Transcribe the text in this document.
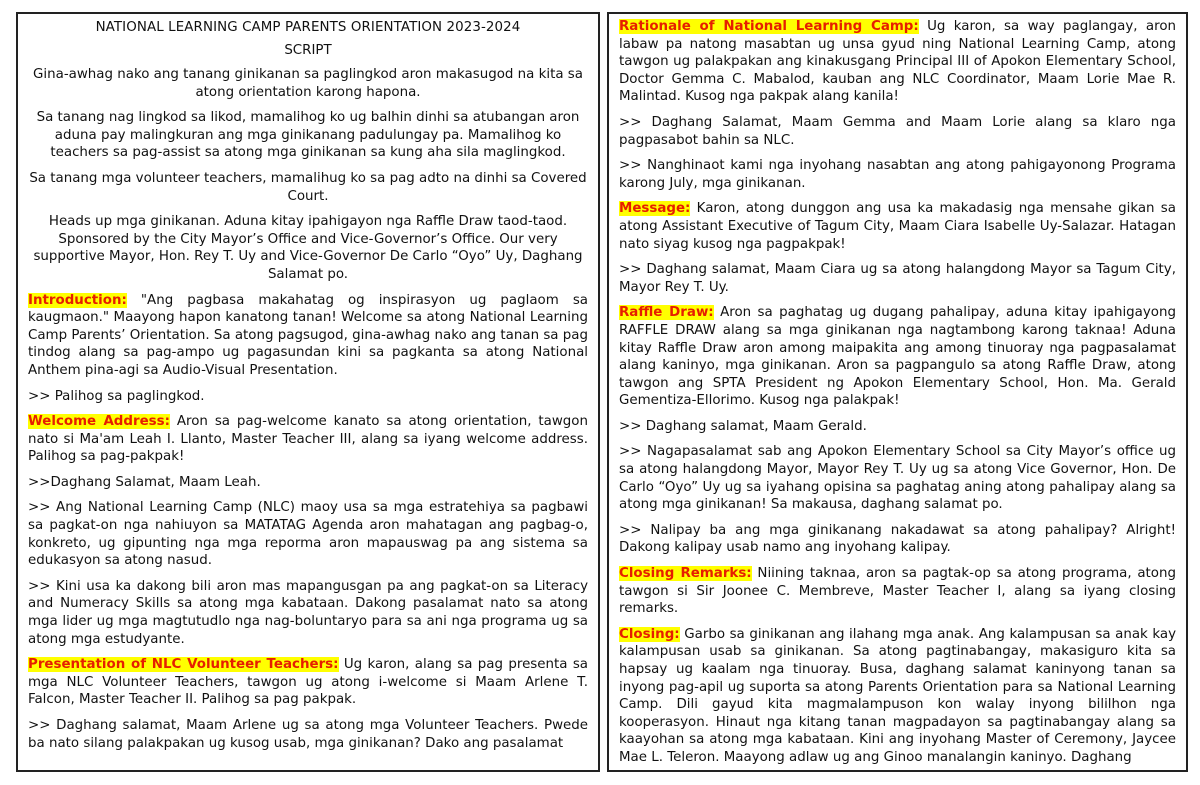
NATIONAL LEARNING CAMP PARENTS ORIENTATION 2023-2024
SCRIPT

Gina-awhag nako ang tanang ginikanan sa paglingkod aron makasugod na kita sa atong orientation karong hapona.

Sa tanang nag lingkod sa likod, mamalihog ko ug balhin dinhi sa atubangan aron aduna pay malingkuran ang mga ginikanang padulungay pa. Mamalihog ko teachers sa pag-assist sa atong mga ginikanan sa kung aha sila maglingkod.

Sa tanang mga volunteer teachers, mamalihug ko sa pag adto na dinhi sa Covered Court.

Heads up mga ginikanan. Aduna kitay ipahigayon nga Raffle Draw taod-taod. Sponsored by the City Mayor’s Office and Vice-Governor’s Office. Our very supportive Mayor, Hon. Rey T. Uy and Vice-Governor De Carlo “Oyo” Uy, Daghang Salamat po.

Introduction: "Ang pagbasa makahatag og inspirasyon ug paglaom sa kaugmaon." Maayong hapon kanatong tanan! Welcome sa atong National Learning Camp Parents’ Orientation. Sa atong pagsugod, gina-awhag nako ang tanan sa pag tindog alang sa pag-ampo ug pagasundan kini sa pagkanta sa atong National Anthem pina-agi sa Audio-Visual Presentation.

>> Palihog sa paglingkod.

Welcome Address: Aron sa pag-welcome kanato sa atong orientation, tawgon nato si Ma'am Leah I. Llanto, Master Teacher III, alang sa iyang welcome address. Palihog sa pag-pakpak!

>>Daghang Salamat, Maam Leah.

>> Ang National Learning Camp (NLC) maoy usa sa mga estratehiya sa pagbawi sa pagkat-on nga nahiuyon sa MATATAG Agenda aron mahatagan ang pagbag-o, konkreto, ug gipunting nga mga reporma aron mapauswag pa ang sistema sa edukasyon sa atong nasud.

>> Kini usa ka dakong bili aron mas mapangusgan pa ang pagkat-on sa Literacy and Numeracy Skills sa atong mga kabataan. Dakong pasalamat nato sa atong mga lider ug mga magtutudlo nga nag-boluntaryo para sa ani nga programa ug sa atong mga estudyante.

Presentation of NLC Volunteer Teachers: Ug karon, alang sa pag presenta sa mga NLC Volunteer Teachers, tawgon ug atong i-welcome si Maam Arlene T. Falcon, Master Teacher II. Palihog sa pag pakpak.

>> Daghang salamat, Maam Arlene ug sa atong mga Volunteer Teachers. Pwede ba nato silang palakpakan ug kusog usab, mga ginikanan? Dako ang pasalamat

Rationale of National Learning Camp: Ug karon, sa way paglangay, aron labaw pa natong masabtan ug unsa gyud ning National Learning Camp, atong tawgon ug palakpakan ang kinakusgang Principal III of Apokon Elementary School, Doctor Gemma C. Mabalod, kauban ang NLC Coordinator, Maam Lorie Mae R. Malintad. Kusog nga pakpak alang kanila!

>> Daghang Salamat, Maam Gemma and Maam Lorie alang sa klaro nga pagpasabot bahin sa NLC.

>> Nanghinaot kami nga inyohang nasabtan ang atong pahigayonong Programa karong July, mga ginikanan.

Message: Karon, atong dunggon ang usa ka makadasig nga mensahe gikan sa atong Assistant Executive of Tagum City, Maam Ciara Isabelle Uy-Salazar. Hatagan nato siyag kusog nga pagpakpak!

>> Daghang salamat, Maam Ciara ug sa atong halangdong Mayor sa Tagum City, Mayor Rey T. Uy.

Raffle Draw: Aron sa paghatag ug dugang pahalipay, aduna kitay ipahigayong RAFFLE DRAW alang sa mga ginikanan nga nagtambong karong taknaa! Aduna kitay Raffle Draw aron among maipakita ang among tinuoray nga pagpasalamat alang kaninyo, mga ginikanan. Aron sa pagpangulo sa atong Raffle Draw, atong tawgon ang SPTA President ng Apokon Elementary School, Hon. Ma. Gerald Gementiza-Ellorimo. Kusog nga palakpak!

>> Daghang salamat, Maam Gerald.

>> Nagapasalamat sab ang Apokon Elementary School sa City Mayor’s office ug sa atong halangdong Mayor, Mayor Rey T. Uy ug sa atong Vice Governor, Hon. De Carlo “Oyo” Uy ug sa iyahang opisina sa paghatag aning atong pahalipay alang sa atong mga ginikanan! Sa makausa, daghang salamat po.

>> Nalipay ba ang mga ginikanang nakadawat sa atong pahalipay? Alright! Dakong kalipay usab namo ang inyohang kalipay.

Closing Remarks: Niining taknaa, aron sa pagtak-op sa atong programa, atong tawgon si Sir Joonee C. Membreve, Master Teacher I, alang sa iyang closing remarks.

Closing: Garbo sa ginikanan ang ilahang mga anak. Ang kalampusan sa anak kay kalampusan usab sa ginikanan. Sa atong pagtinabangay, makasiguro kita sa hapsay ug kaalam nga tinuoray. Busa, daghang salamat kaninyong tanan sa inyong pag-apil ug suporta sa atong Parents Orientation para sa National Learning Camp. Dili gayud kita magmalampuson kon walay inyong bililhon nga kooperasyon. Hinaut nga kitang tanan magpadayon sa pagtinabangay alang sa kaayohan sa atong mga kabataan. Kini ang inyohang Master of Ceremony, Jaycee Mae L. Teleron. Maayong adlaw ug ang Ginoo manalangin kaninyo. Daghang
